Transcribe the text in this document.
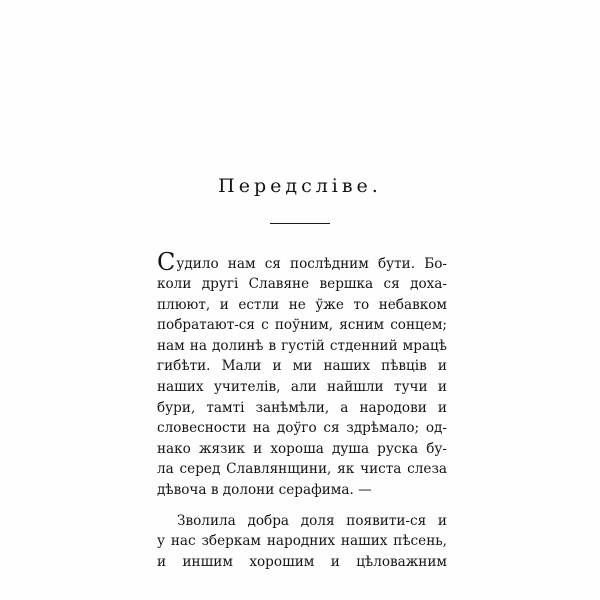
Передсліве.
Судило нам ся послѣдним бути. Бо-
коли другі Славяне вершка ся доха-
плюют, и естли не ўже то небавком
побратают-ся с поўним, ясним сонцем;
нам на долинѣ в густій стденний мрацѣ
гибѣти. Мали и ми наших пѣвців и
наших учителів, али найшли тучи и
бури, тамті занѣмѣли, а народови и
словесности на доўго ся здрѣмало; од-
нако жязик и хороша душа руска бу-
ла серед Славлянщини, як чиста слеза
дѣвоча в долони серафима. —
Зволила добра доля появити-ся и
у нас зберкам народних наших пѣсень,
и иншим хорошим и цѣловажним
